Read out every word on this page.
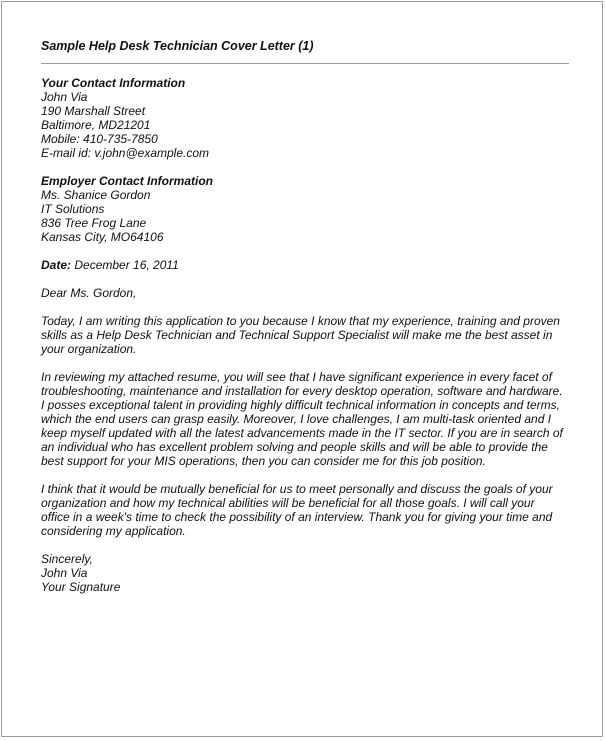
Sample Help Desk Technician Cover Letter (1)
Your Contact Information
John Via
190 Marshall Street
Baltimore, MD21201
Mobile: 410-735-7850
E-mail id: v.john@example.com
Employer Contact Information
Ms. Shanice Gordon
IT Solutions
836 Tree Frog Lane
Kansas City, MO64106
Date: December 16, 2011
Dear Ms. Gordon,
Today, I am writing this application to you because I know that my experience, training and proven
skills as a Help Desk Technician and Technical Support Specialist will make me the best asset in
your organization.
In reviewing my attached resume, you will see that I have significant experience in every facet of
troubleshooting, maintenance and installation for every desktop operation, software and hardware.
I posses exceptional talent in providing highly difficult technical information in concepts and terms,
which the end users can grasp easily. Moreover, I love challenges, I am multi-task oriented and I
keep myself updated with all the latest advancements made in the IT sector. If you are in search of
an individual who has excellent problem solving and people skills and will be able to provide the
best support for your MIS operations, then you can consider me for this job position.
I think that it would be mutually beneficial for us to meet personally and discuss the goals of your
organization and how my technical abilities will be beneficial for all those goals. I will call your
office in a week's time to check the possibility of an interview. Thank you for giving your time and
considering my application.
Sincerely,
John Via
Your Signature
